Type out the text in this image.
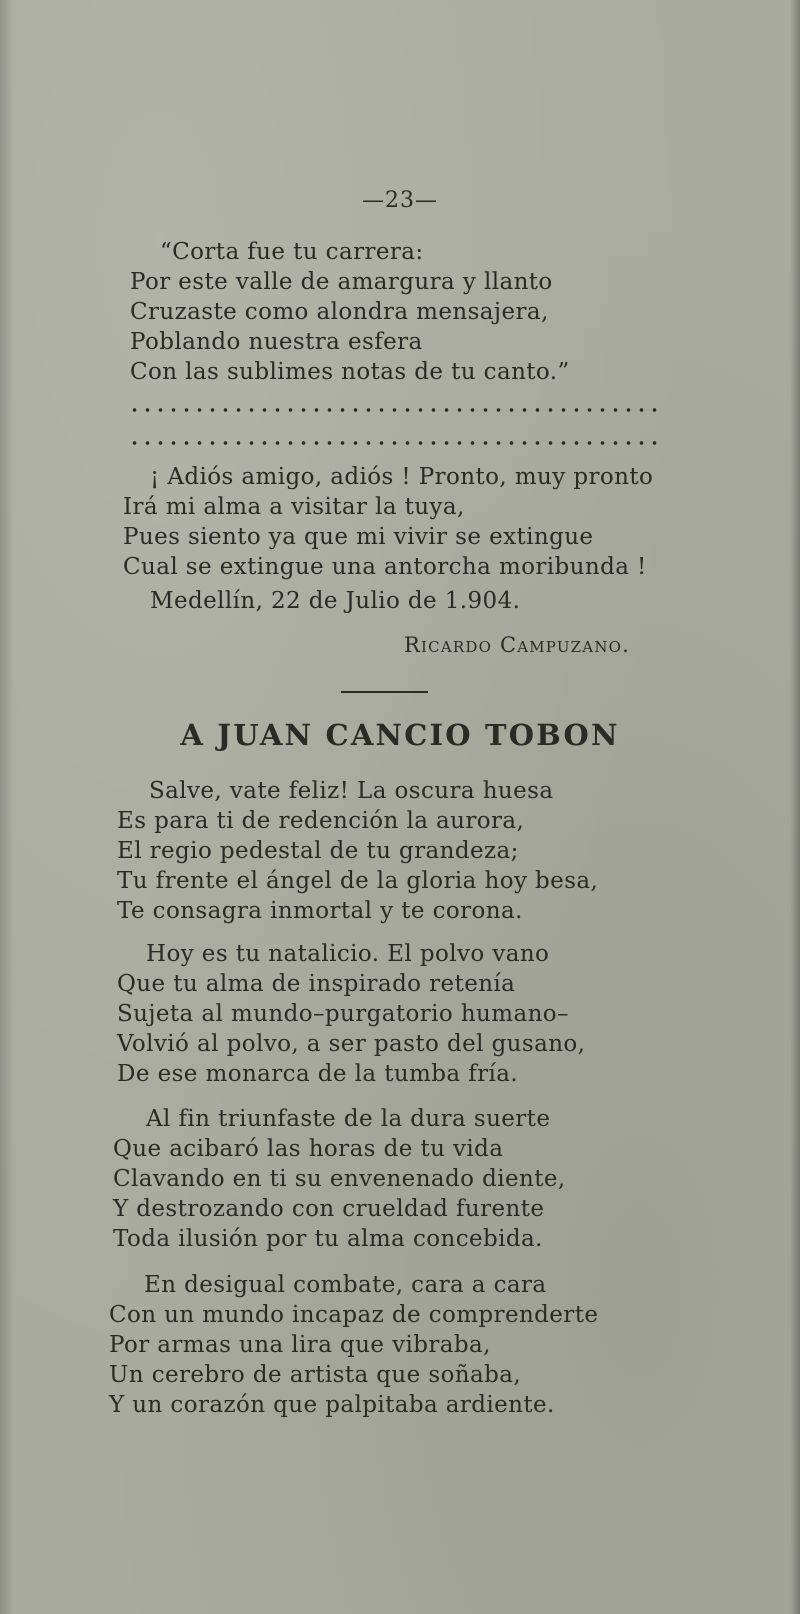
—23—
“Corta fue tu carrera:
Por este valle de amargura y llanto
Cruzaste como alondra mensajera,
Poblando nuestra esfera
Con las sublimes notas de tu canto.”
¡ Adiós amigo, adiós ! Pronto, muy pronto
Irá mi alma a visitar la tuya,
Pues siento ya que mi vivir se extingue
Cual se extingue una antorcha moribunda !
Medellín, 22 de Julio de 1.904.
Ricardo Campuzano.
A JUAN CANCIO TOBON
Salve, vate feliz! La oscura huesa
Es para ti de redención la aurora,
El regio pedestal de tu grandeza;
Tu frente el ángel de la gloria hoy besa,
Te consagra inmortal y te corona.
Hoy es tu natalicio. El polvo vano
Que tu alma de inspirado retenía
Sujeta al mundo–purgatorio humano–
Volvió al polvo, a ser pasto del gusano,
De ese monarca de la tumba fría.
Al fin triunfaste de la dura suerte
Que acibaró las horas de tu vida
Clavando en ti su envenenado diente,
Y destrozando con crueldad furente
Toda ilusión por tu alma concebida.
En desigual combate, cara a cara
Con un mundo incapaz de comprenderte
Por armas una lira que vibraba,
Un cerebro de artista que soñaba,
Y un corazón que palpitaba ardiente.
